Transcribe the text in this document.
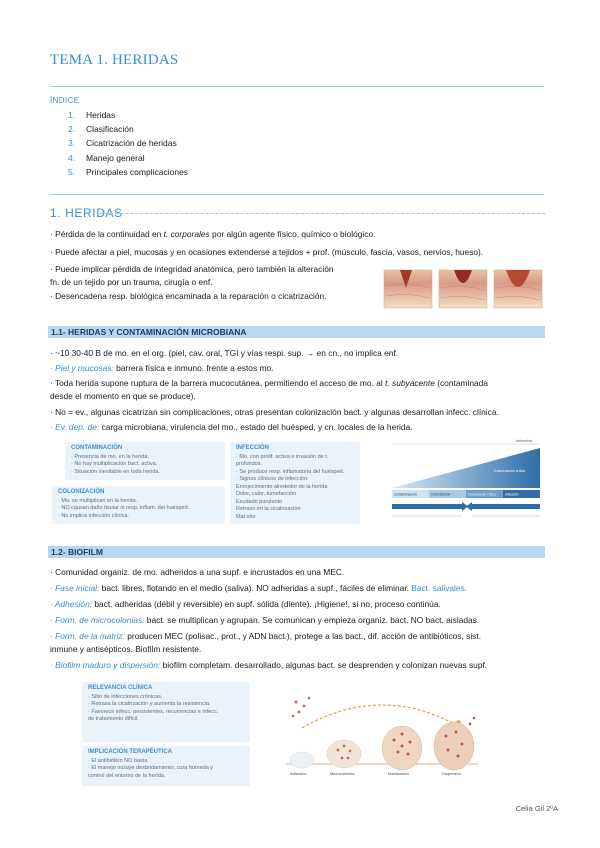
TEMA 1. HERIDAS
ÍNDICE
1. Heridas
2. Clasificación
3. Cicatrización de heridas
4. Manejo general
5. Principales complicaciones
1. HERIDAS
· Pérdida de la continuidad en t. corporales por algún agente físico, químico o biológico.
· Puede afectar a piel, mucosas y en ocasiones extenderse a tejidos + prof. (músculo, fascia, vasos, nervios, hueso).
· Puede implicar pérdida de integridad anatómica, pero también la alteración
fn. de un tejido por un trauma, cirugía o enf.
· Desencadena resp. biológica encaminada a la reparación o cicatrización.
1.1- HERIDAS Y CONTAMINACIÓN MICROBIANA
· ~10 30-40 B de mo. en el org. (piel, cav. oral, TGI y vías respi. sup. → en cn., no implica enf.
· Piel y mucosas: barrera física e inmuno. frente a estos mo.
· Toda herida supone ruptura de la barrera mucocutánea, permitiendo el acceso de mo. al t. subyacente (contaminada
desde el momento en que se produce).
· No = ev., algunas cicatrizan sin complicaciones, otras presentan colonización bact. y algunas desarrollan infecc. clínica.
· Ev. dep. de: carga microbiana, virulencia del mo., estado del huésped, y cn. locales de la herida.
CONTAMINACIÓN
· Presencia de mo. en la herida.
· No hay multiplicación bact. activa.
· Situación inevitable en toda herida.
COLONIZACIÓN
· Mo. se multiplican en la herida.
· NO causan daño tisular ni resp. inflam. del huésped.
· No implica infección clínica.
INFECCIÓN
· Mo. con prolif. activa e invasión de t. profundos.
· Se produce resp. inflamatoria del huésped.
· Signos clínicos de infección:
Enrojecimiento alrededor de la herida
Dolor, calor, tumefacción
Exudado purulento
Retraso en la cicatrización
Mal olor
Infección
Colonización crítica
Contaminación	Colonización	Colonización crítica	Infección
1.2- BIOFILM
· Comunidad organiz. de mo. adheridos a una supf. e incrustados en una MEC.
· Fase inicial: bact. libres, flotando en el medio (saliva). NO adheridas a supf., fáciles de eliminar. Bact. salivales.
· Adhesión: bact. adheridas (débil y reversible) en supf. sólida (diente). ¡Higiene!, si no, proceso continúa.
· Form. de microcolonias: bact. se multiplican y agrupan. Se comunican y empieza organiz. bact. NO bact. aisladas.
· Form. de la matriz: producen MEC (polisac., prot., y ADN bact.), protege a las bact., dif. acción de antibióticos, sist.
inmune y antisépticos. Biofilm resistente.
· Biofilm maduro y dispersión: biofilm completam. desarrollado, algunas bact. se desprenden y colonizan nuevas supf.
RELEVANCIA CLÍNICA
· Sitio de infecciones crónicas.
· Retrasa la cicatrización y aumenta la resistencia.
· Favorece infecc. persistentes, recurrencias e infecc.
de tratamiento difícil.
IMPLICACIÓN TERAPÉUTICA
· El antibiótico NO basta.
· El manejo incluye desbridamiento, cura húmeda y
control del entorno de la herida.	Adhesión	Microcolonias	Maduración	Dispersión
Celia Gil 2ºA
